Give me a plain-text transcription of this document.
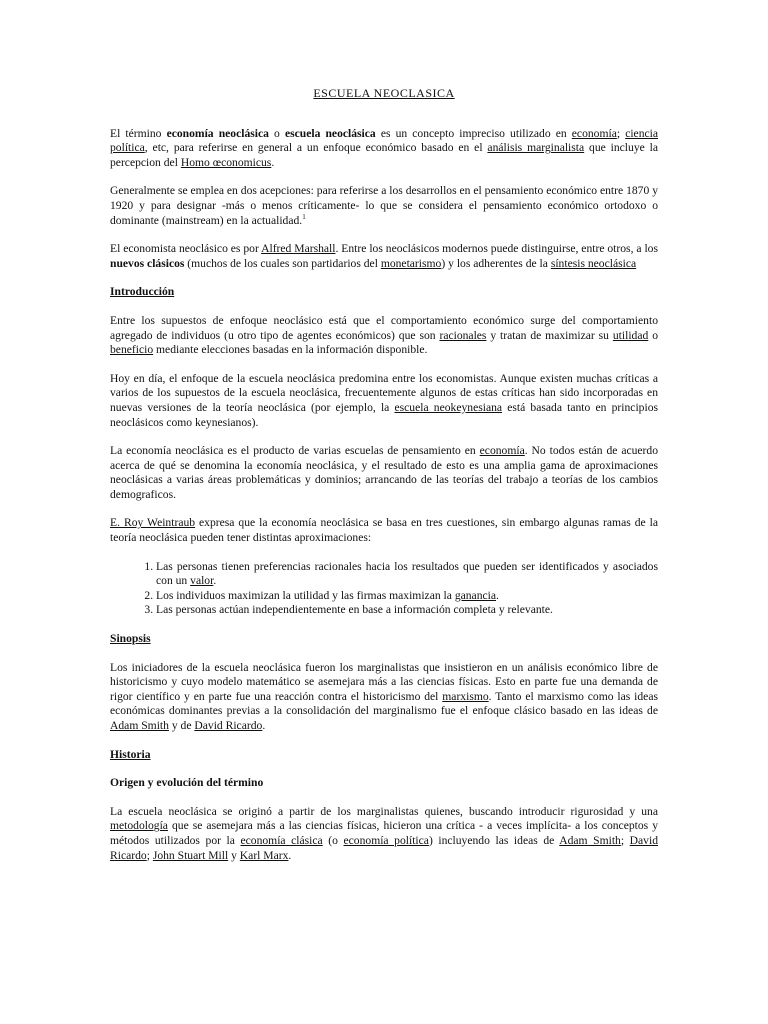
ESCUELA NEOCLASICA

El término economía neoclásica o escuela neoclásica es un concepto impreciso utilizado en economía; ciencia política, etc, para referirse en general a un enfoque económico basado en el análisis marginalista que incluye la percepcion del Homo œconomicus.

Generalmente se emplea en dos acepciones: para referirse a los desarrollos en el pensamiento económico entre 1870 y 1920 y para designar -más o menos críticamente- lo que se considera el pensamiento económico ortodoxo o dominante (mainstream) en la actualidad.$^1$

El economista neoclásico es por Alfred Marshall. Entre los neoclásicos modernos puede distinguirse, entre otros, a los nuevos clásicos (muchos de los cuales son partidarios del monetarismo) y los adherentes de la síntesis neoclásica

Introducción

Entre los supuestos de enfoque neoclásico está que el comportamiento económico surge del comportamiento agregado de individuos (u otro tipo de agentes económicos) que son racionales y tratan de maximizar su utilidad o beneficio mediante elecciones basadas en la información disponible.

Hoy en día, el enfoque de la escuela neoclásica predomina entre los economistas. Aunque existen muchas críticas a varios de los supuestos de la escuela neoclásica, frecuentemente algunos de estas críticas han sido incorporadas en nuevas versiones de la teoría neoclásica (por ejemplo, la escuela neokeynesiana está basada tanto en principios neoclásicos como keynesianos).

La economía neoclásica es el producto de varias escuelas de pensamiento en economía. No todos están de acuerdo acerca de qué se denomina la economía neoclásica, y el resultado de esto es una amplia gama de aproximaciones neoclásicas a varias áreas problemáticas y dominios; arrancando de las teorías del trabajo a teorías de los cambios demograficos.

E. Roy Weintraub expresa que la economía neoclásica se basa en tres cuestiones, sin embargo algunas ramas de la teoría neoclásica pueden tener distintas aproximaciones:

1. Las personas tienen preferencias racionales hacia los resultados que pueden ser identificados y asociados con un valor.
2. Los individuos maximizan la utilidad y las firmas maximizan la ganancia.
3. Las personas actúan independientemente en base a información completa y relevante.
Sinopsis

Los iniciadores de la escuela neoclásica fueron los marginalistas que insistieron en un análisis económico libre de historicismo y cuyo modelo matemático se asemejara más a las ciencias físicas. Esto en parte fue una demanda de rigor científico y en parte fue una reacción contra el historicismo del marxismo. Tanto el marxismo como las ideas económicas dominantes previas a la consolidación del marginalismo fue el enfoque clásico basado en las ideas de Adam Smith y de David Ricardo.

Historia
Origen y evolución del término

La escuela neoclásica se originó a partir de los marginalistas quienes, buscando introducir rigurosidad y una metodología que se asemejara más a las ciencias físicas, hicieron una crítica - a veces implícita- a los conceptos y métodos utilizados por la economía clásica (o economía política) incluyendo las ideas de Adam Smith; David Ricardo; John Stuart Mill y Karl Marx.
